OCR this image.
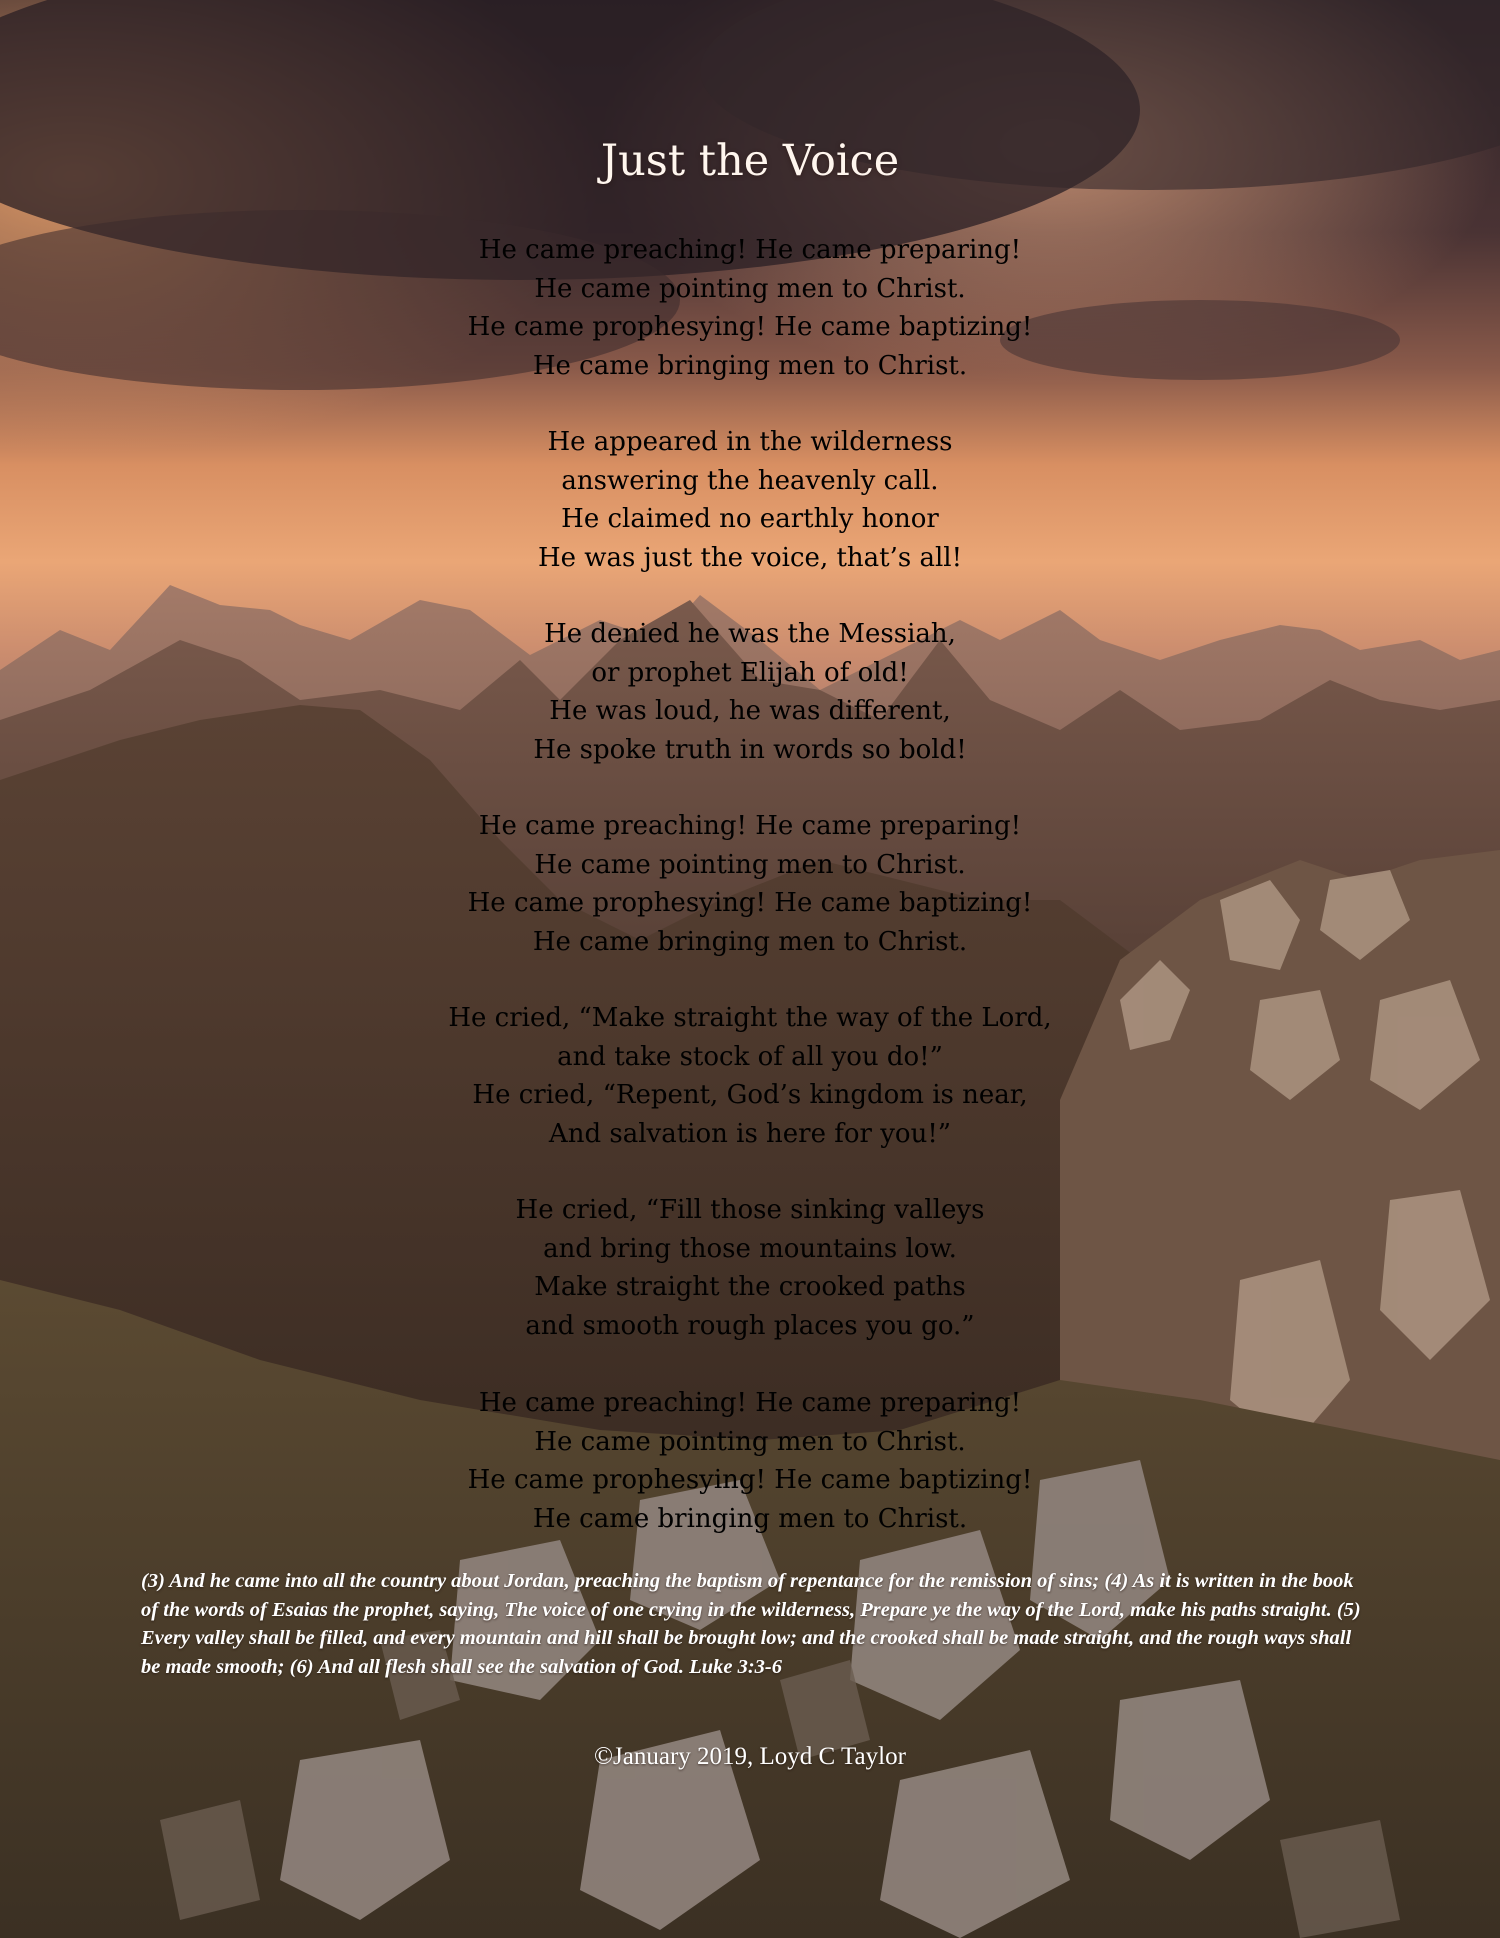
Just the Voice
He came preaching! He came preparing!
He came pointing men to Christ.
He came prophesying! He came baptizing!
He came bringing men to Christ.
He appeared in the wilderness
answering the heavenly call.
He claimed no earthly honor
He was just the voice, that’s all!
He denied he was the Messiah,
or prophet Elijah of old!
He was loud, he was different,
He spoke truth in words so bold!
He came preaching! He came preparing!
He came pointing men to Christ.
He came prophesying! He came baptizing!
He came bringing men to Christ.
He cried, “Make straight the way of the Lord,
and take stock of all you do!”
He cried, “Repent, God’s kingdom is near,
And salvation is here for you!”
He cried, “Fill those sinking valleys
and bring those mountains low.
Make straight the crooked paths
and smooth rough places you go.”
He came preaching! He came preparing!
He came pointing men to Christ.
He came prophesying! He came baptizing!
He came bringing men to Christ.

(3) And he came into all the country about Jordan, preaching the baptism of repentance for the remission of sins; (4) As it is written in the book of the words of Esaias the prophet, saying, The voice of one crying in the wilderness, Prepare ye the way of the Lord, make his paths straight. (5) Every valley shall be filled, and every mountain and hill shall be brought low; and the crooked shall be made straight, and the rough ways shall be made smooth; (6) And all flesh shall see the salvation of God. Luke 3:3-6

©January 2019, Loyd C Taylor
